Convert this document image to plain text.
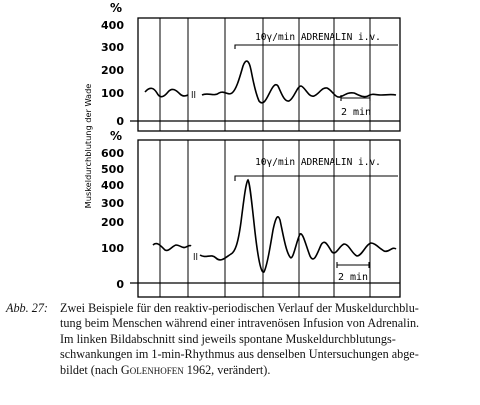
Muskeldurchblutung der Wade
%
400
300
200
100
0
10γ/min ADRENALIN i.v.
ll
2 min
%
600
500
400
300
200
100
0
10γ/min ADRENALIN i.v.
ll
2 min
Abb. 27: Zwei Beispiele für den reaktiv-periodischen Verlauf der Muskeldurchblu-
tung beim Menschen während einer intravenösen Infusion von Adrenalin.
Im linken Bildabschnitt sind jeweils spontane Muskeldurchblutungs-
schwankungen im 1-min-Rhythmus aus denselben Untersuchungen abge-
bildet (nach Golenhofen 1962, verändert).
